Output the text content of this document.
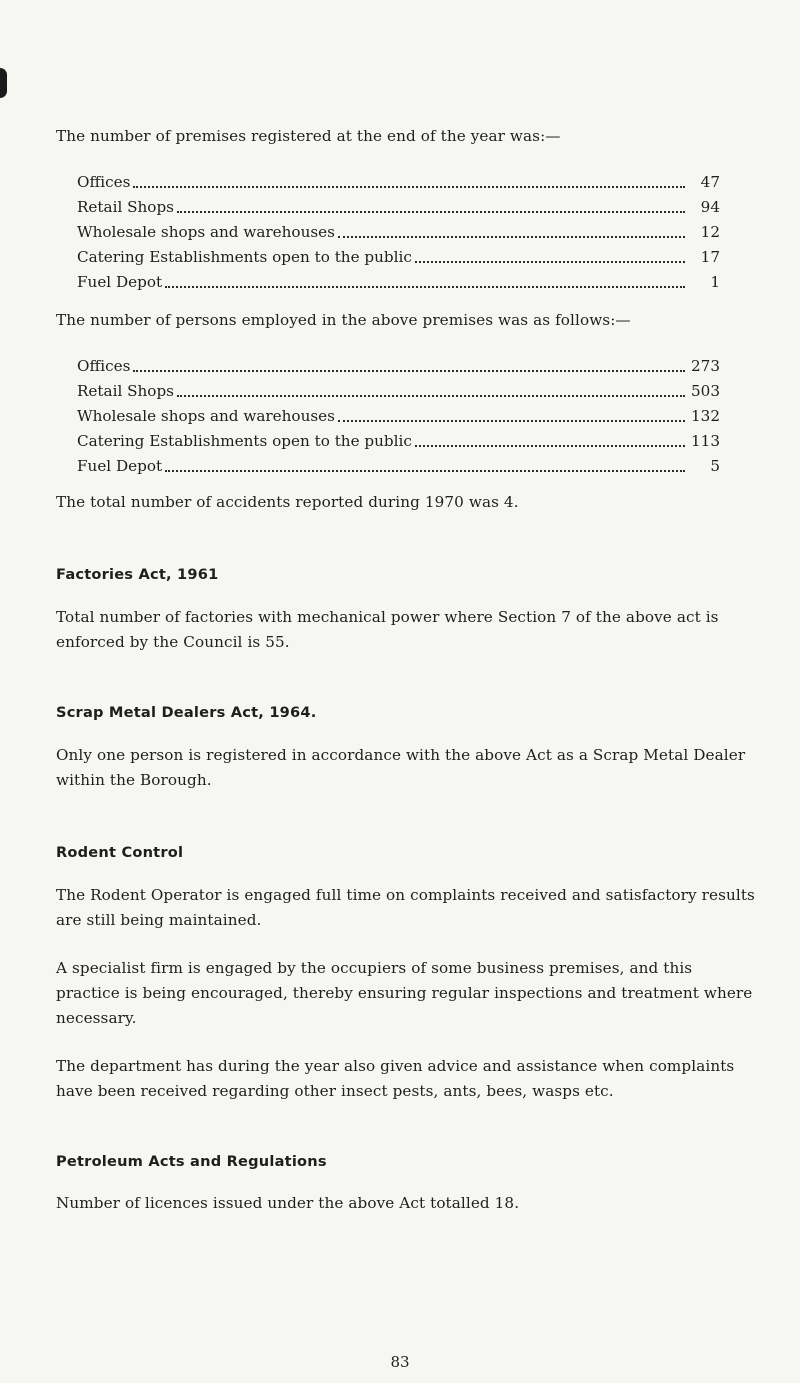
The number of premises registered at the end of the year was:—

Offices	47
Retail Shops	94
Wholesale shops and warehouses	12
Catering Establishments open to the public	17
Fuel Depot	1

The number of persons employed in the above premises was as follows:—

Offices	273
Retail Shops	503
Wholesale shops and warehouses	132
Catering Establishments open to the public	113
Fuel Depot	5

The total number of accidents reported during 1970 was 4.

Factories Act, 1961

Total number of factories with mechanical power where Section 7 of the above act is enforced by the Council is 55.

Scrap Metal Dealers Act, 1964.

Only one person is registered in accordance with the above Act as a Scrap Metal Dealer within the Borough.

Rodent Control

The Rodent Operator is engaged full time on complaints received and satisfactory results are still being maintained.

A specialist firm is engaged by the occupiers of some business premises, and this practice is being encouraged, thereby ensuring regular inspections and treatment where necessary.

The department has during the year also given advice and assistance when complaints have been received regarding other insect pests, ants, bees, wasps etc.

Petroleum Acts and Regulations

Number of licences issued under the above Act totalled 18.

83
